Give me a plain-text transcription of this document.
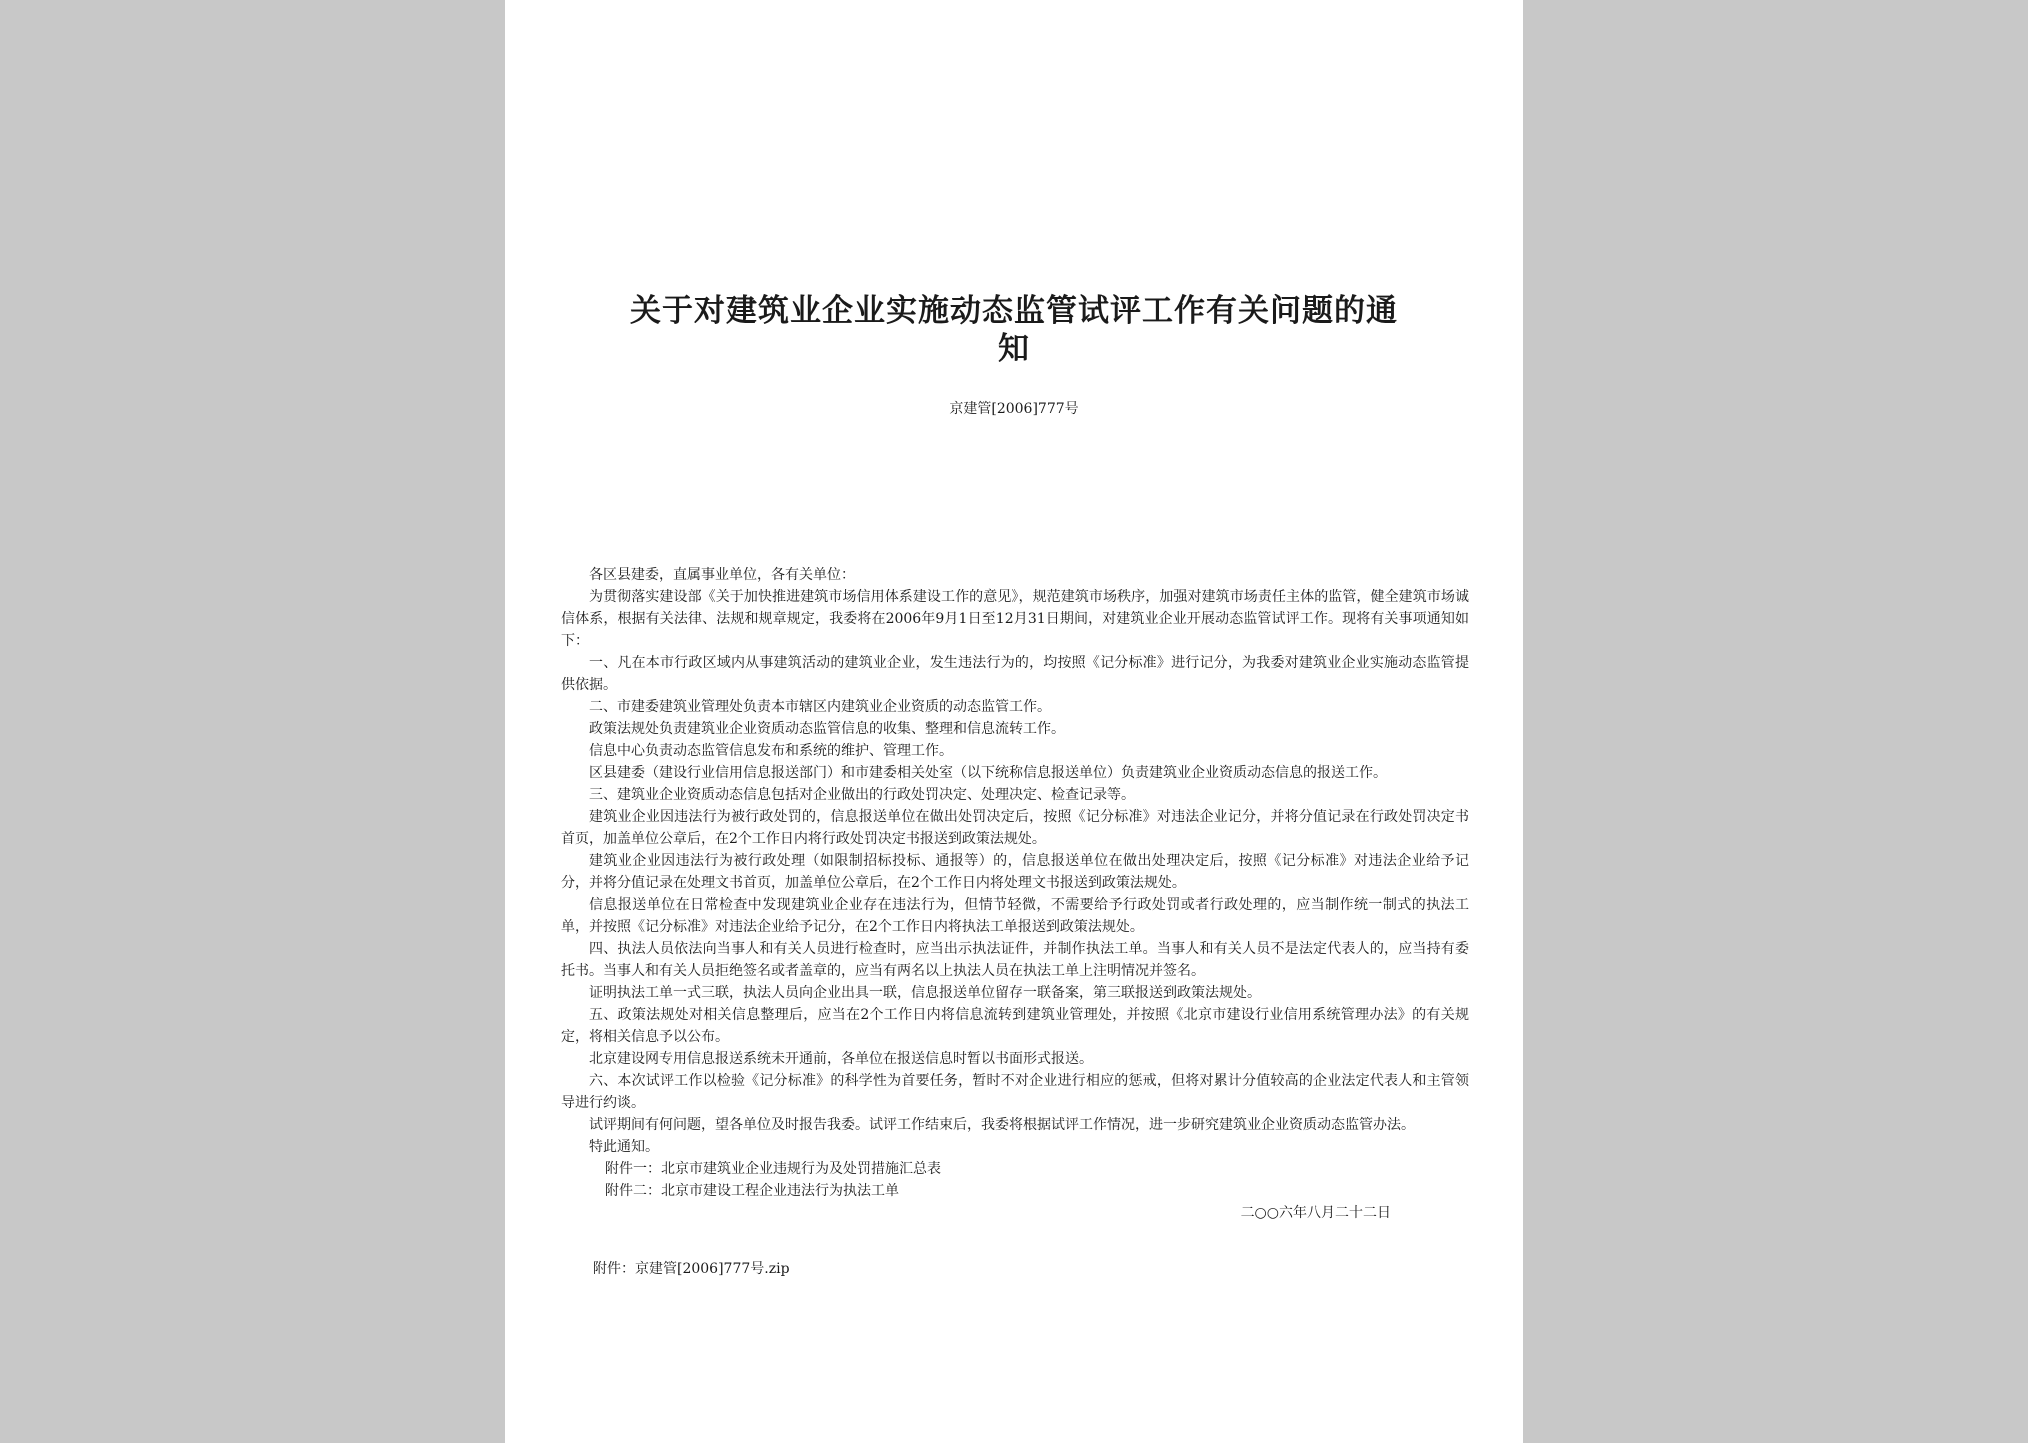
关于对建筑业企业实施动态监管试评工作有关问题的通
知
京建管[2006]777号

各区县建委，直属事业单位，各有关单位：

为贯彻落实建设部《关于加快推进建筑市场信用体系建设工作的意见》，规范建筑市场秩序，加强对建筑市场责任主体的监管，健全建筑市场诚信体系，根据有关法律、法规和规章规定，我委将在2006年9月1日至12月31日期间，对建筑业企业开展动态监管试评工作。现将有关事项通知如下：

一、凡在本市行政区域内从事建筑活动的建筑业企业，发生违法行为的，均按照《记分标准》进行记分，为我委对建筑业企业实施动态监管提供依据。

二、市建委建筑业管理处负责本市辖区内建筑业企业资质的动态监管工作。

政策法规处负责建筑业企业资质动态监管信息的收集、整理和信息流转工作。

信息中心负责动态监管信息发布和系统的维护、管理工作。

区县建委（建设行业信用信息报送部门）和市建委相关处室（以下统称信息报送单位）负责建筑业企业资质动态信息的报送工作。

三、建筑业企业资质动态信息包括对企业做出的行政处罚决定、处理决定、检查记录等。

建筑业企业因违法行为被行政处罚的，信息报送单位在做出处罚决定后，按照《记分标准》对违法企业记分，并将分值记录在行政处罚决定书首页，加盖单位公章后，在2个工作日内将行政处罚决定书报送到政策法规处。

建筑业企业因违法行为被行政处理（如限制招标投标、通报等）的，信息报送单位在做出处理决定后，按照《记分标准》对违法企业给予记分，并将分值记录在处理文书首页，加盖单位公章后，在2个工作日内将处理文书报送到政策法规处。

信息报送单位在日常检查中发现建筑业企业存在违法行为，但情节轻微，不需要给予行政处罚或者行政处理的，应当制作统一制式的执法工单，并按照《记分标准》对违法企业给予记分，在2个工作日内将执法工单报送到政策法规处。

四、执法人员依法向当事人和有关人员进行检查时，应当出示执法证件，并制作执法工单。当事人和有关人员不是法定代表人的，应当持有委托书。当事人和有关人员拒绝签名或者盖章的，应当有两名以上执法人员在执法工单上注明情况并签名。

证明执法工单一式三联，执法人员向企业出具一联，信息报送单位留存一联备案，第三联报送到政策法规处。

五、政策法规处对相关信息整理后，应当在2个工作日内将信息流转到建筑业管理处，并按照《北京市建设行业信用系统管理办法》的有关规定，将相关信息予以公布。

北京建设网专用信息报送系统未开通前，各单位在报送信息时暂以书面形式报送。

六、本次试评工作以检验《记分标准》的科学性为首要任务，暂时不对企业进行相应的惩戒，但将对累计分值较高的企业法定代表人和主管领导进行约谈。

试评期间有何问题，望各单位及时报告我委。试评工作结束后，我委将根据试评工作情况，进一步研究建筑业企业资质动态监管办法。

特此通知。

附件一：北京市建筑业企业违规行为及处罚措施汇总表

附件二：北京市建设工程企业违法行为执法工单

二○○六年八月二十二日

附件：京建管[2006]777号.zip
